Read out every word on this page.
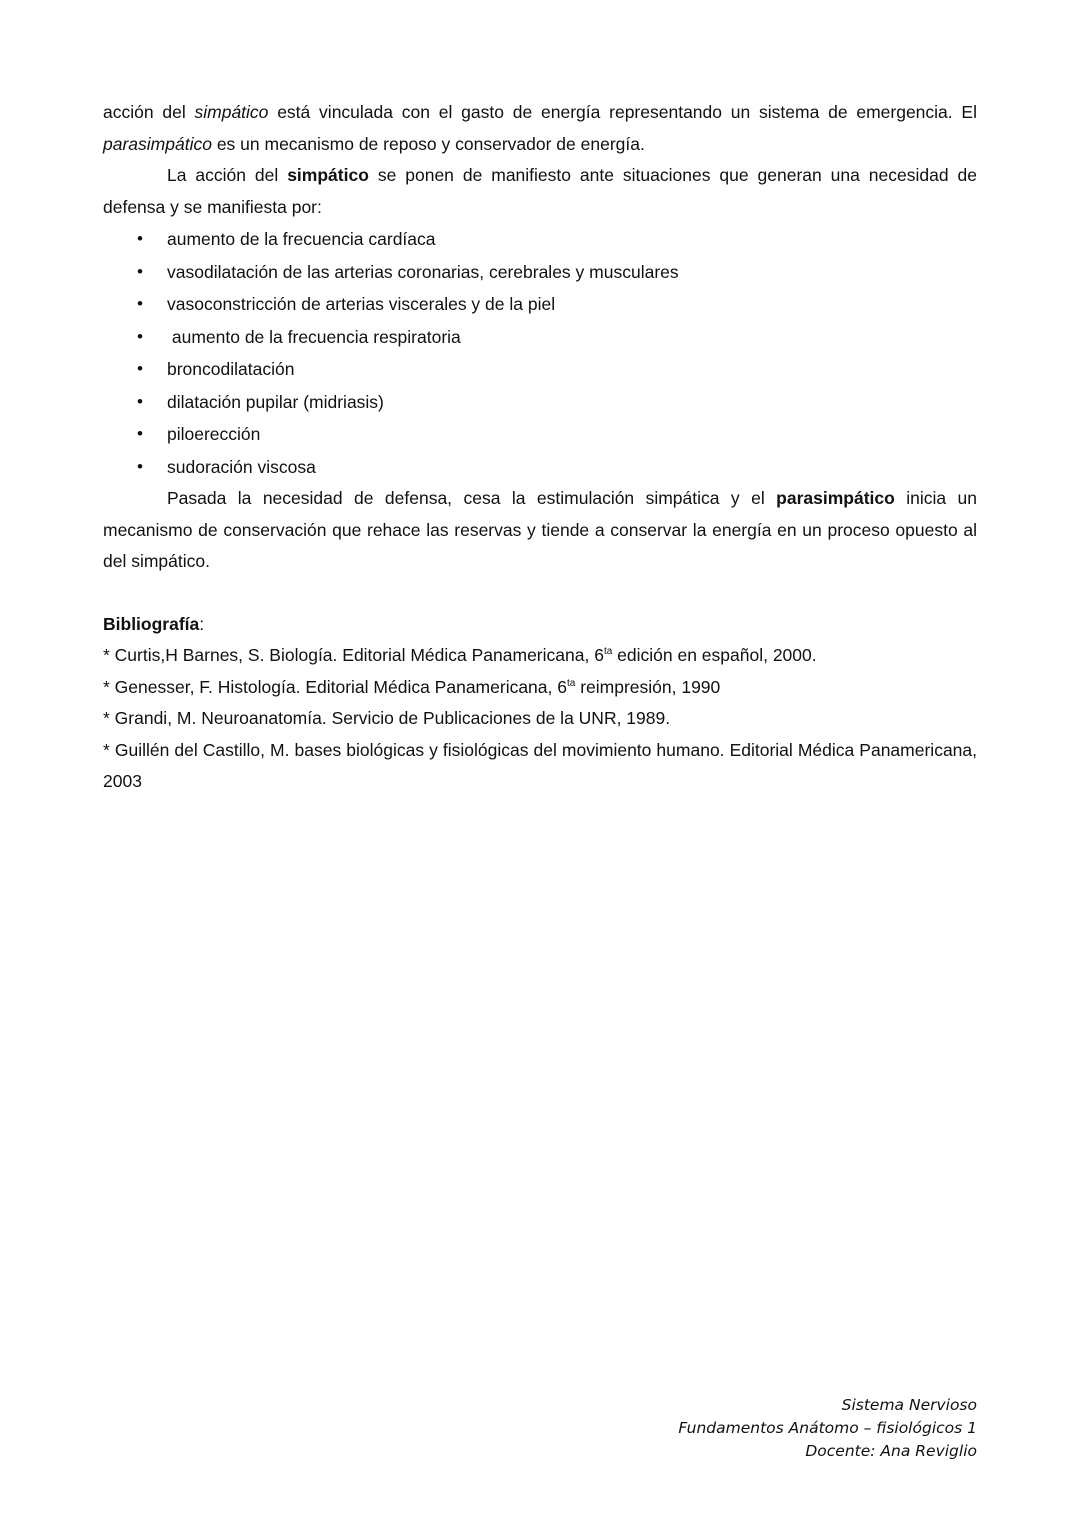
acción del simpático está vinculada con el gasto de energía representando un sistema de emergencia. El parasimpático es un mecanismo de reposo y conservador de energía.

La acción del simpático se ponen de manifiesto ante situaciones que generan una necesidad de defensa y se manifiesta por:

• aumento de la frecuencia cardíaca
• vasodilatación de las arterias coronarias, cerebrales y musculares
• vasoconstricción de arterias viscerales y de la piel
• aumento de la frecuencia respiratoria
• broncodilatación
• dilatación pupilar (midriasis)
• piloerección
• sudoración viscosa

Pasada la necesidad de defensa, cesa la estimulación simpática y el parasimpático inicia un mecanismo de conservación que rehace las reservas y tiende a conservar la energía en un proceso opuesto al del simpático.

Bibliografía:

* Curtis,H Barnes, S. Biología. Editorial Médica Panamericana, $6^{ta}$ edición en español, 2000.

* Genesser, F. Histología. Editorial Médica Panamericana, $6^{ta}$ reimpresión, 1990

* Grandi, M. Neuroanatomía. Servicio de Publicaciones de la UNR, 1989.

* Guillén del Castillo, M. bases biológicas y fisiológicas del movimiento humano. Editorial Médica Panamericana, 2003

Sistema Nervioso
Fundamentos Anátomo – fisiológicos 1
Docente: Ana Reviglio
